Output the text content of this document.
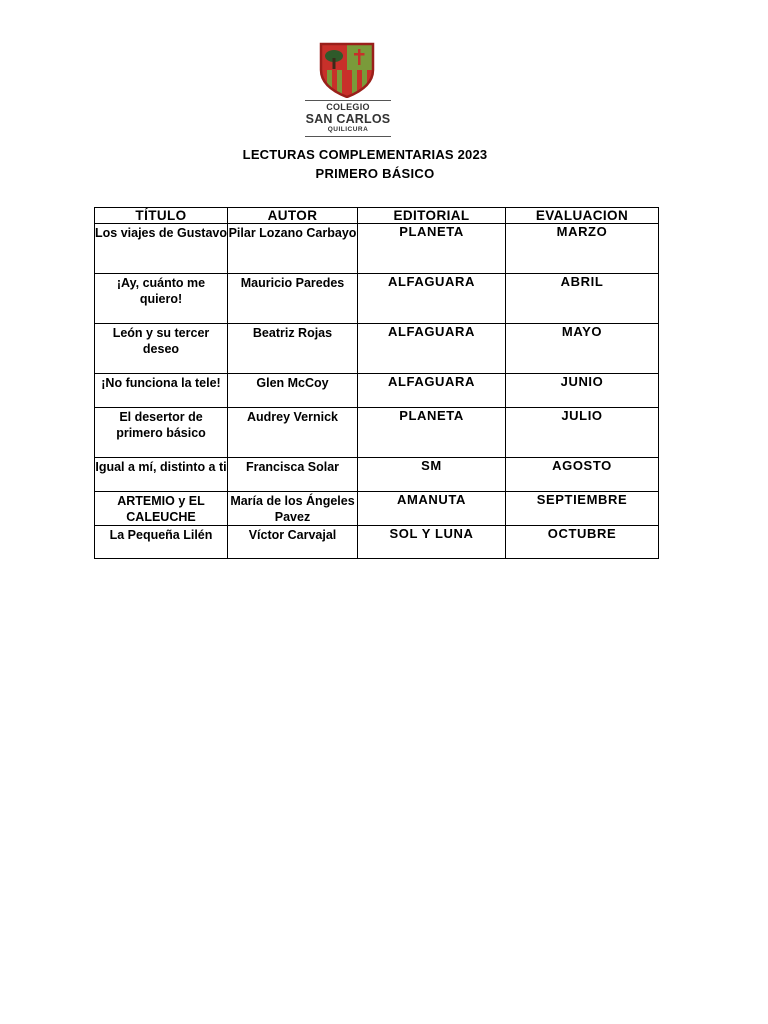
COLEGIO
SAN CARLOS
QUILICURA
LECTURAS COMPLEMENTARIAS 2023
PRIMERO BÁSICO
TÍTULO	AUTOR	EDITORIAL	EVALUACION
Los viajes de Gustavo	Pilar Lozano Carbayo	PLANETA	MARZO
¡Ay, cuánto me quiero!	Mauricio Paredes	ALFAGUARA	ABRIL
León y su tercer deseo	Beatriz Rojas	ALFAGUARA	MAYO
¡No funciona la tele!	Glen McCoy	ALFAGUARA	JUNIO
El desertor de primero básico	Audrey Vernick	PLANETA	JULIO
Igual a mí, distinto a ti	Francisca Solar	SM	AGOSTO
ARTEMIO y EL CALEUCHE	María de los Ángeles Pavez	AMANUTA	SEPTIEMBRE
La Pequeña Lilén	Víctor Carvajal	SOL Y LUNA	OCTUBRE
